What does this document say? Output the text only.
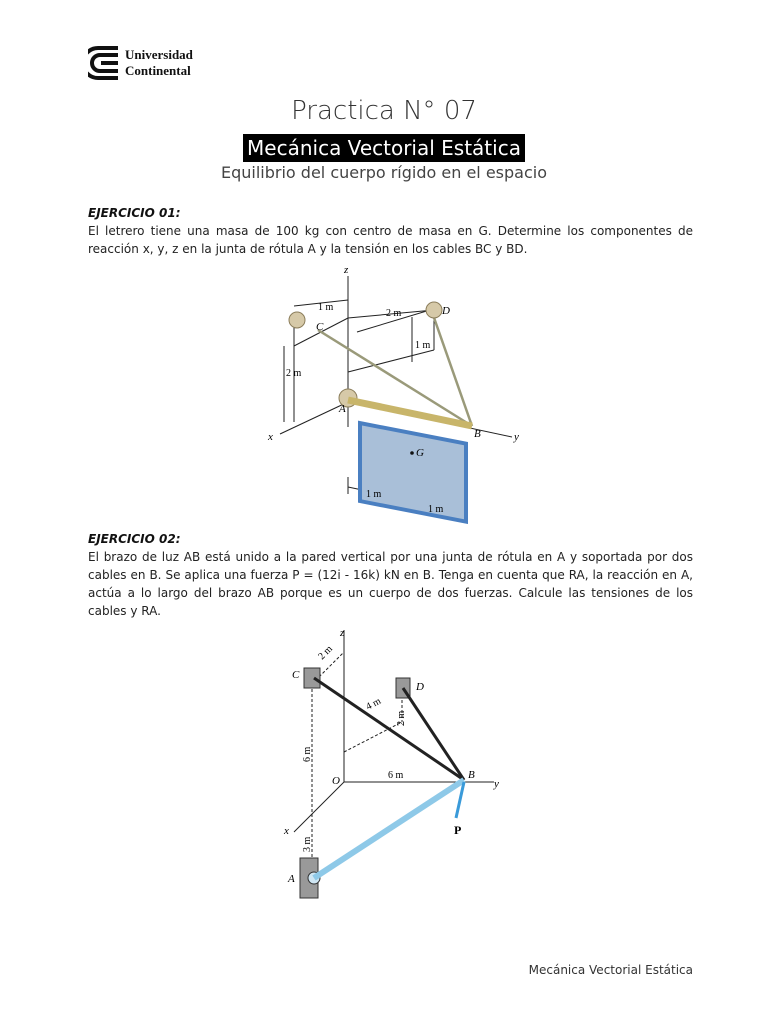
Universidad
Continental
Practica N° 07
Mecánica Vectorial Estática
Equilibrio del cuerpo rígido en el espacio
EJERCICIO 01:
El letrero tiene una masa de 100 kg con centro de masa en G. Determine los componentes de reacción x, y, z en la junta de rótula A y la tensión en los cables BC y BD.
z
x	y
A
B
C
D
G
1 m
2 m
1 m
2 m
1 m
1 m
EJERCICIO 02:
El brazo de luz AB está unido a la pared vertical por una junta de rótula en A y soportada por dos cables en B. Se aplica una fuerza P = (12i - 16k) kN en B. Tenga en cuenta que RA, la reacción en A, actúa a lo largo del brazo AB porque es un cuerpo de dos fuerzas. Calcule las tensiones de los cables y RA.
z
x
y
O
A
B
C
D
P
2 m
4 m
2 m
6 m
6 m
3 m
Mecánica Vectorial Estática
